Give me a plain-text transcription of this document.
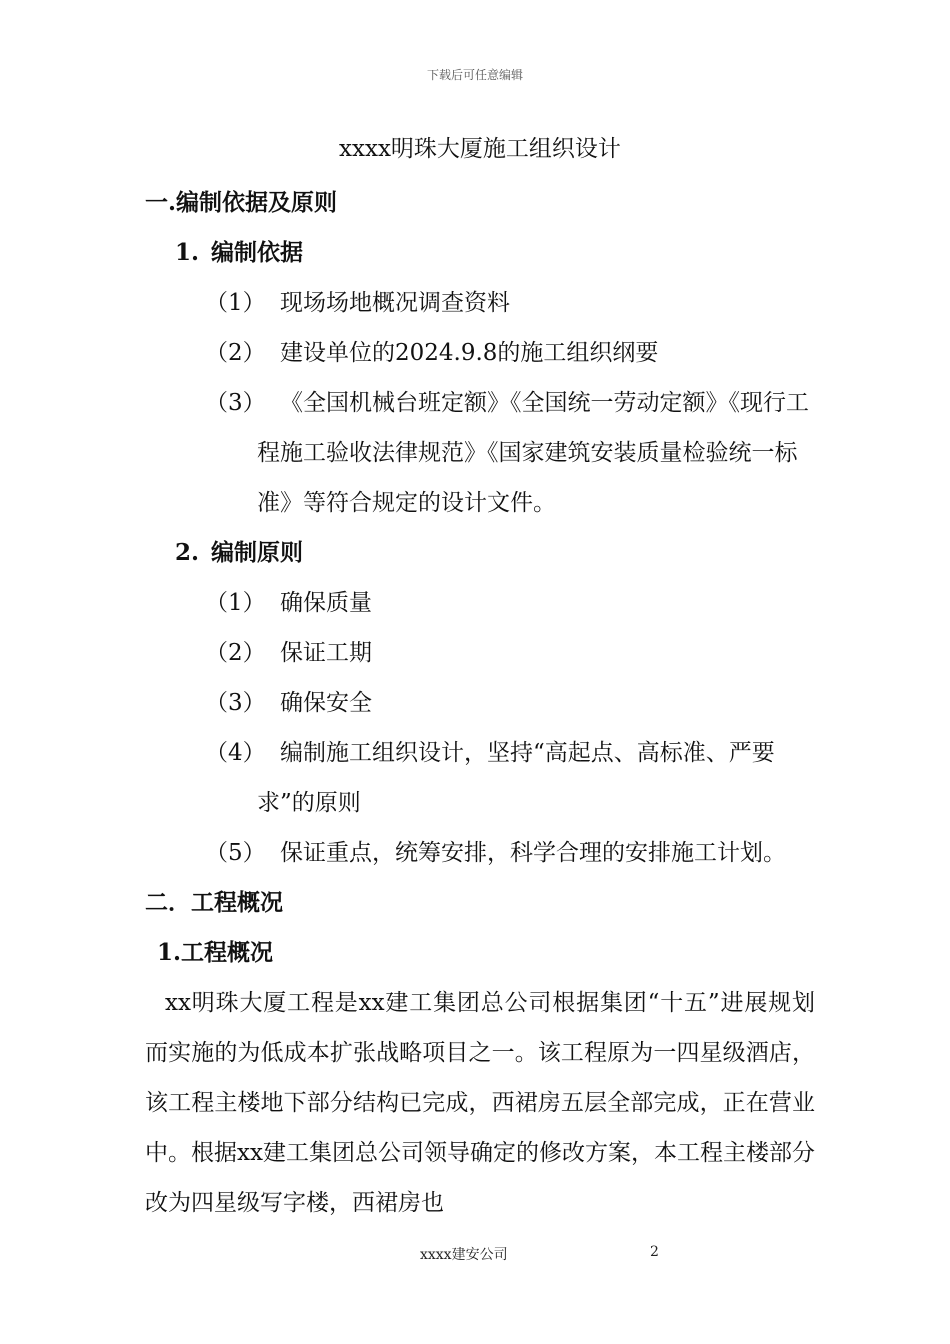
下载后可任意编辑
xxxx明珠大厦施工组织设计
一.编制依据及原则
1. 编制依据
（1） 现场场地概况调查资料
（2） 建设单位的2024.9.8的施工组织纲要
（3） 《全国机械台班定额》《全国统一劳动定额》《现行工程施工验收法律规范》《国家建筑安装质量检验统一标准》等符合规定的设计文件。
2. 编制原则
（1） 确保质量
（2） 保证工期
（3） 确保安全
（4） 编制施工组织设计，坚持“高起点、高标准、严要求”的原则
（5） 保证重点，统筹安排，科学合理的安排施工计划。
二．工程概况
1.工程概况
xx明珠大厦工程是xx建工集团总公司根据集团“十五”进展规划而实施的为低成本扩张战略项目之一。该工程原为一四星级酒店，该工程主楼地下部分结构已完成，西裙房五层全部完成，正在营业中。根据xx建工集团总公司领导确定的修改方案，本工程主楼部分改为四星级写字楼，西裙房也
xxxx建安公司	2
